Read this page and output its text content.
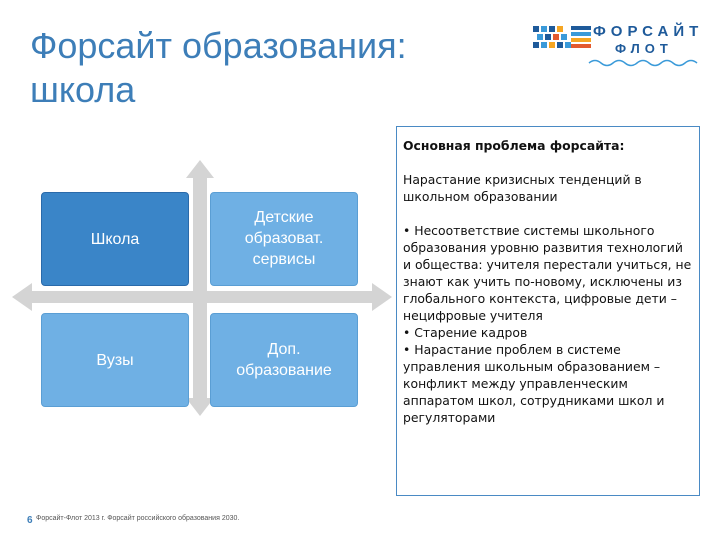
Форсайт образования:
школа
ФОРСАЙТ
ФЛОТ
Школа
Детские
образоват.
сервисы
Вузы
Доп.
образование
Основная проблема форсайта:
Нарастание кризисных тенденций в школьном образовании
• Несоответствие системы школьного образования уровню развития технологий и общества: учителя перестали учиться, не знают как учить по-новому, исключены из глобального контекста, цифровые дети – нецифровые учителя
• Старение кадров
• Нарастание проблем в системе управления школьным образованием – конфликт между управленческим аппаратом школ, сотрудниками школ и регуляторами
6 Форсайт-Флот 2013 г. Форсайт российского образования 2030.
